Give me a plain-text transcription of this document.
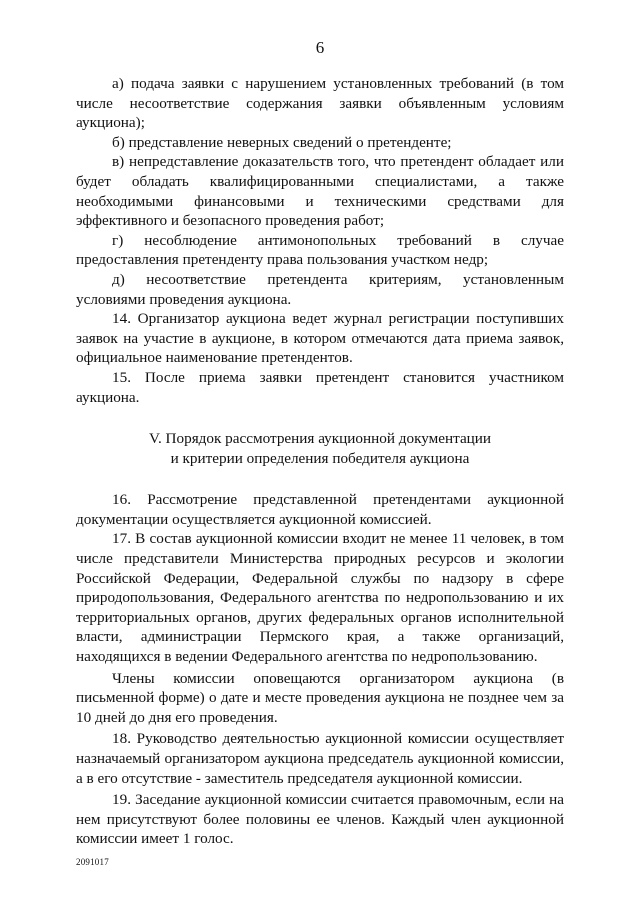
6

а) подача заявки с нарушением установленных требований (в том числе несоответствие содержания заявки объявленным условиям аукциона);

б) представление неверных сведений о претенденте;

в) непредставление доказательств того, что претендент обладает или будет обладать квалифицированными специалистами, а также необходимыми финансовыми и техническими средствами для эффективного и безопасного проведения работ;

г) несоблюдение антимонопольных требований в случае предоставления претенденту права пользования участком недр;

д) несоответствие претендента критериям, установленным условиями проведения аукциона.

14. Организатор аукциона ведет журнал регистрации поступивших заявок на участие в аукционе, в котором отмечаются дата приема заявок, официальное наименование претендентов.

15. После приема заявки претендент становится участником аукциона.

V. Порядок рассмотрения аукционной документации
и критерии определения победителя аукциона

16. Рассмотрение представленной претендентами аукционной документации осуществляется аукционной комиссией.

17. В состав аукционной комиссии входит не менее 11 человек, в том числе представители Министерства природных ресурсов и экологии Российской Федерации, Федеральной службы по надзору в сфере природопользования, Федерального агентства по недропользованию и их территориальных органов, других федеральных органов исполнительной власти, администрации Пермского края, а также организаций, находящихся в ведении Федерального агентства по недропользованию.

Члены комиссии оповещаются организатором аукциона (в письменной форме) о дате и месте проведения аукциона не позднее чем за 10 дней до дня его проведения.

18. Руководство деятельностью аукционной комиссии осуществляет назначаемый организатором аукциона председатель аукционной комиссии, а в его отсутствие - заместитель председателя аукционной комиссии.

19. Заседание аукционной комиссии считается правомочным, если на нем присутствуют более половины ее членов. Каждый член аукционной комиссии имеет 1 голос.

2091017
